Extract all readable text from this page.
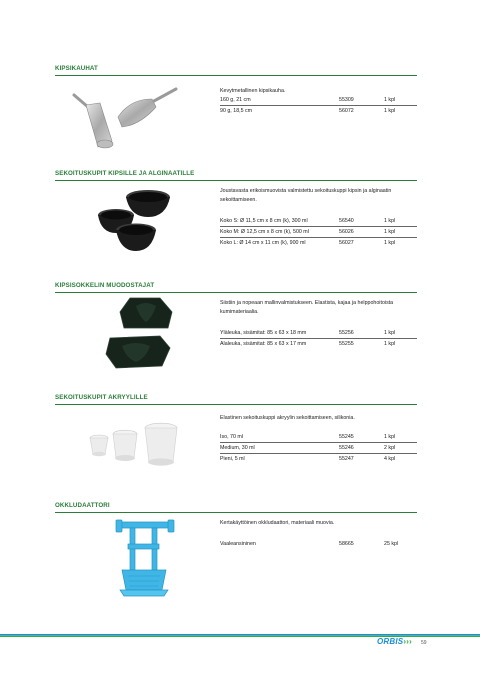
KIPSIKAUHAT
Kevytmetallinen kipsikauha.
160 g, 21 cm	55309	1 kpl
90 g, 18,5 cm	56072	1 kpl
SEKOITUSKUPIT KIPSILLE JA ALGINAATILLE
Joustavasta erikoismuovista valmistettu sekoituskuppi kipsin ja alginaatin sekoittamiseen.
Koko S: Ø 11,5 cm x 8 cm (k), 300 ml	56540	1 kpl
Koko M: Ø 12,5 cm x 8 cm (k), 500 ml	56026	1 kpl
Koko L: Ø 14 cm x 11 cm (k), 900 ml	56027	1 kpl
KIPSISOKKELIN MUODOSTAJAT
Siistiin ja nopeaan mallinvalmistukseen. Elastista, kajaa ja helppohoitoista kumimateriaalia.
Yläleuka, sisämitat: 85 x 63 x 18 mm	55256	1 kpl
Alaleuka, sisämitat: 85 x 63 x 17 mm	55255	1 kpl
SEKOITUSKUPIT AKRYYLILLE
Elastinen sekoituskuppi akryylin sekoittamiseen, silikonia.
Iso, 70 ml	55245	1 kpl
Medium, 30 ml	55246	2 kpl
Pieni, 5 ml	55247	4 kpl
OKKLUDAATTORI
Kertakäyttöinen okkludaattori, materiaali muovia.
Vaaleansininen	58665	25 kpl
ORBIS››› 59
